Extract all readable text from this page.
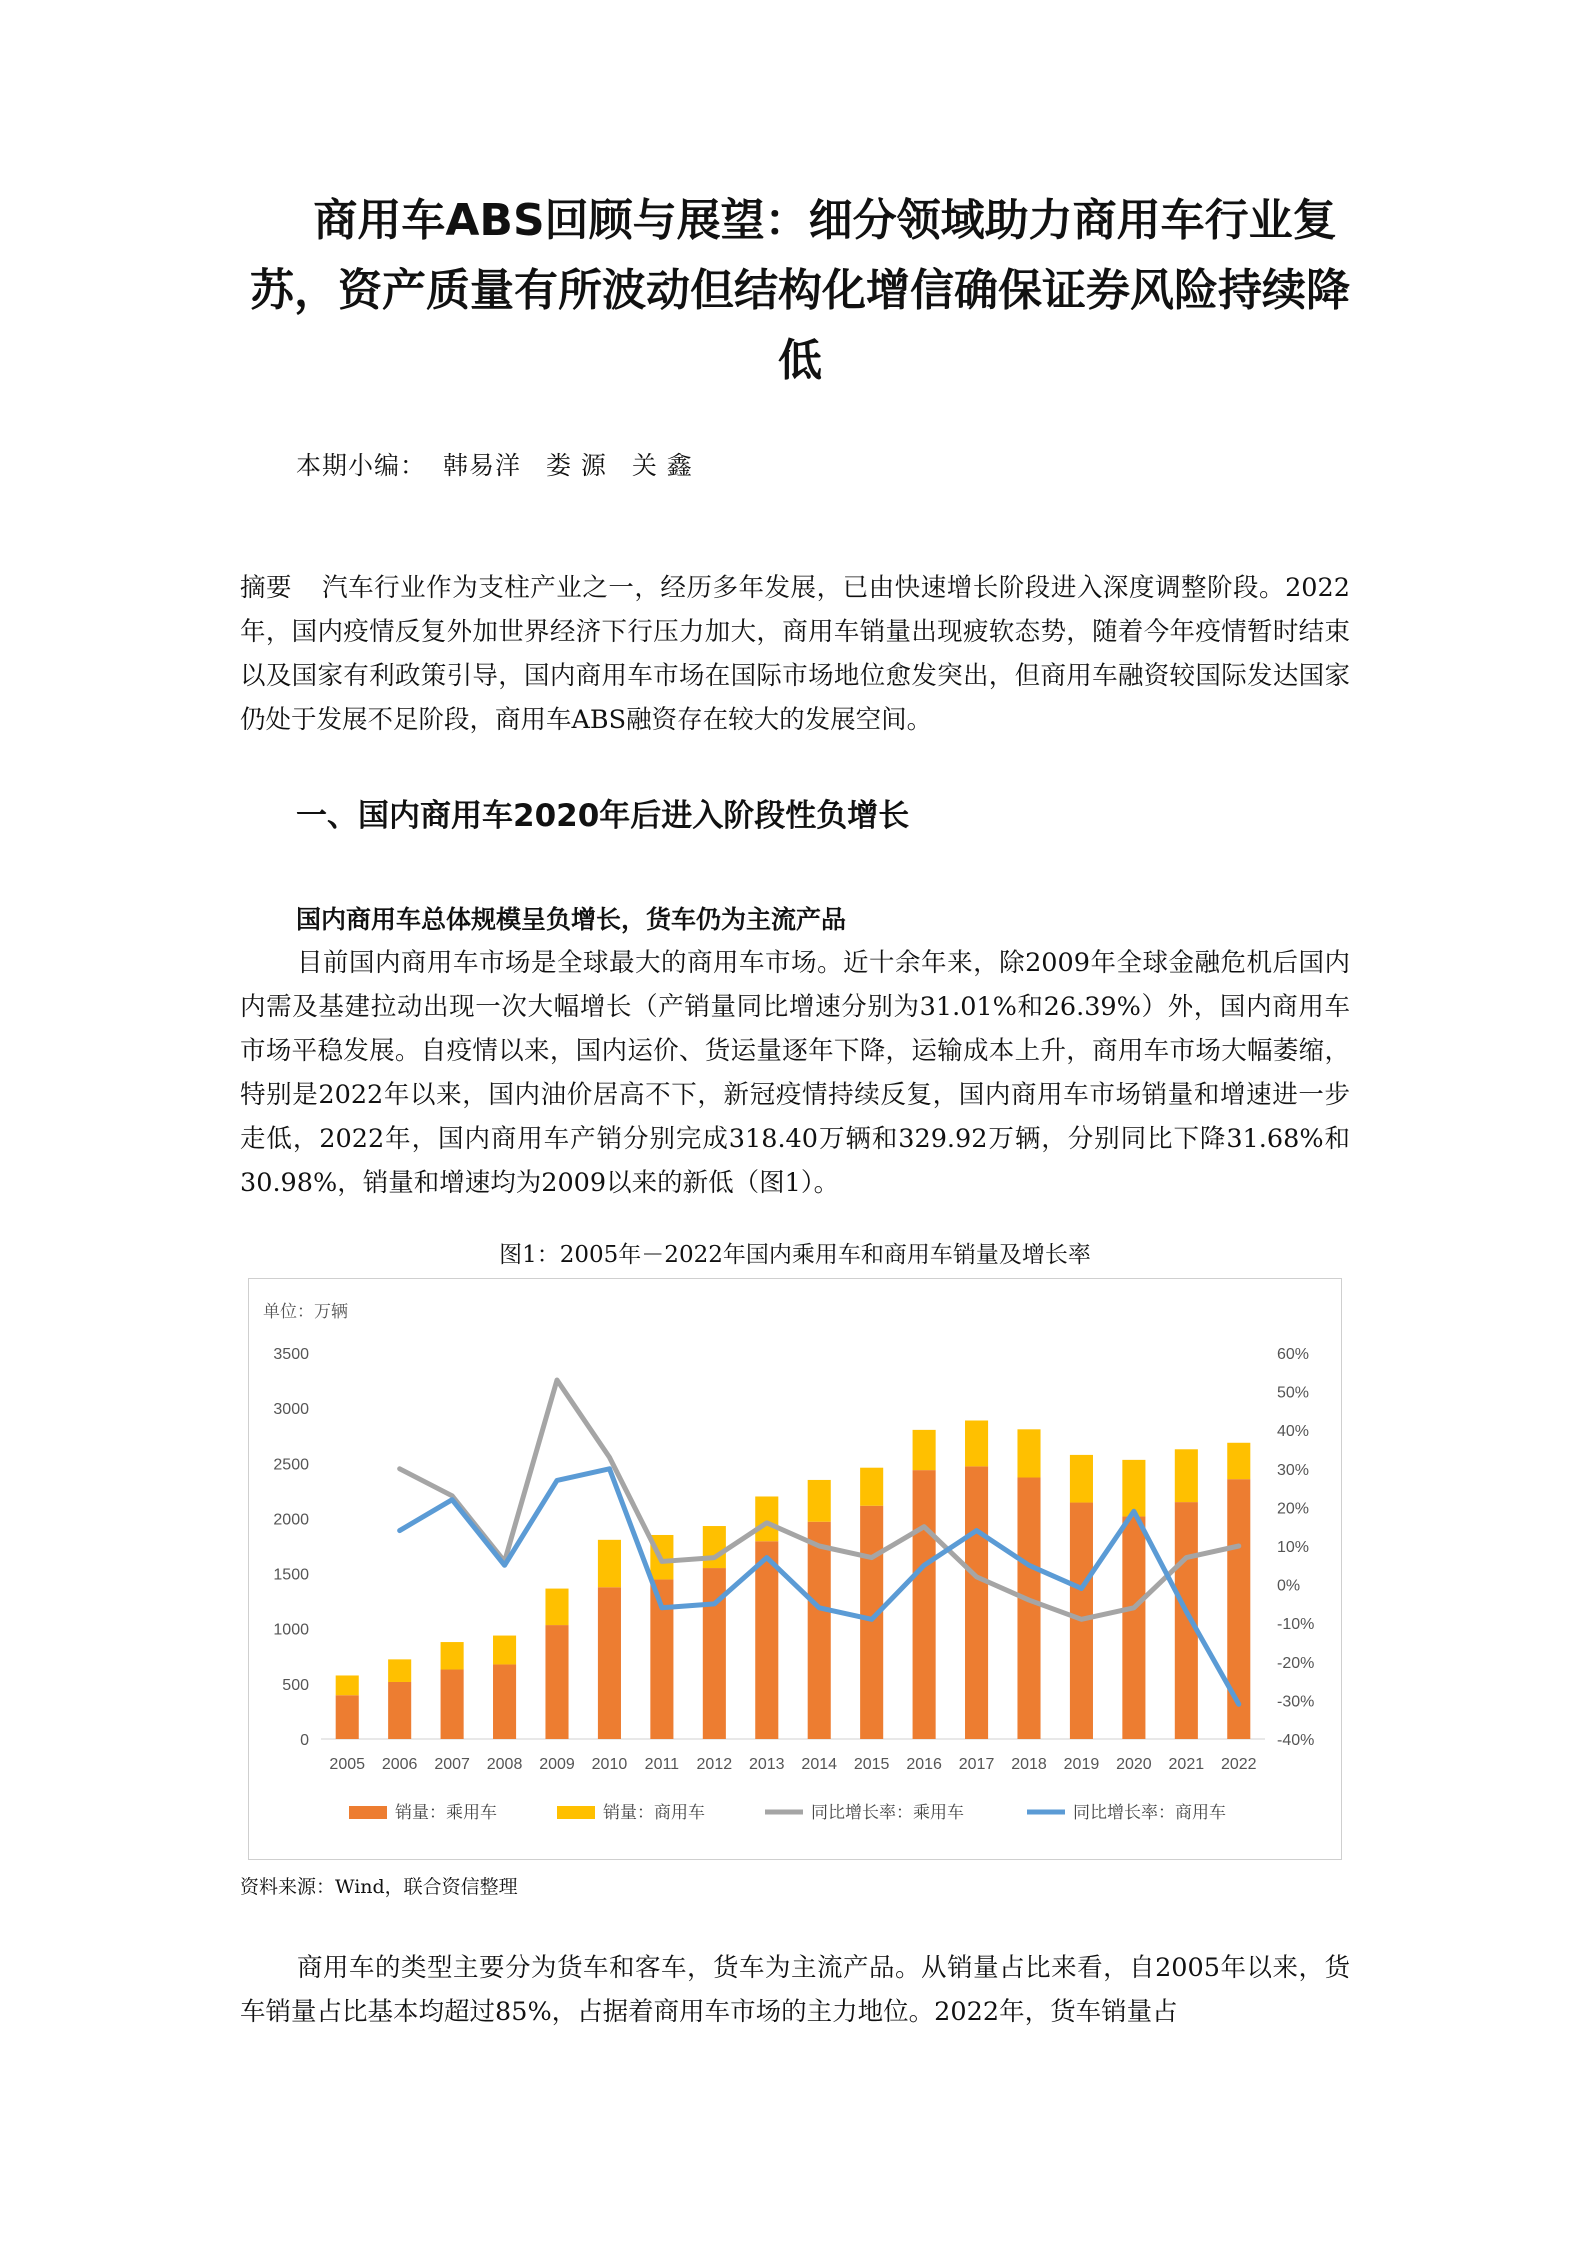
商用车ABS回顾与展望：细分领域助力商用车行业复

苏，资产质量有所波动但结构化增信确保证券风险持续降

低

本期小编： 韩易洋 娄 源 关 鑫

摘要 汽车行业作为支柱产业之一，经历多年发展，已由快速增长阶段进入深度调整阶段。2022年，国内疫情反复外加世界经济下行压力加大，商用车销量出现疲软态势，随着今年疫情暂时结束以及国家有利政策引导，国内商用车市场在国际市场地位愈发突出，但商用车融资较国际发达国家仍处于发展不足阶段，商用车ABS融资存在较大的发展空间。

一、国内商用车2020年后进入阶段性负增长
国内商用车总体规模呈负增长，货车仍为主流产品

目前国内商用车市场是全球最大的商用车市场。近十余年来，除2009年全球金融危机后国内内需及基建拉动出现一次大幅增长（产销量同比增速分别为31.01%和26.39%）外，国内商用车市场平稳发展。自疫情以来，国内运价、货运量逐年下降，运输成本上升，商用车市场大幅萎缩，特别是2022年以来，国内油价居高不下，新冠疫情持续反复，国内商用车市场销量和增速进一步走低，2022年，国内商用车产销分别完成318.40万辆和329.92万辆，分别同比下降31.68%和30.98%，销量和增速均为2009以来的新低（图1）。

图1：2005年－2022年国内乘用车和商用车销量及增长率
单位：万辆
0
500
1000
1500
2000
2500
3000
3500
-40%
-30%
-20%
-10%
0%
10%
20%
30%
40%
50%
60%
2005 2006 2007 2008 2009 2010 2011 2012 2013 2014 2015 2016 2017 2018 2019 2020 2021 2022
销量：乘用车	销量：商用车	同比增长率：乘用车	同比增长率：商用车
资料来源：Wind，联合资信整理

商用车的类型主要分为货车和客车，货车为主流产品。从销量占比来看，自2005年以来，货车销量占比基本均超过85%，占据着商用车市场的主力地位。2022年，货车销量占
